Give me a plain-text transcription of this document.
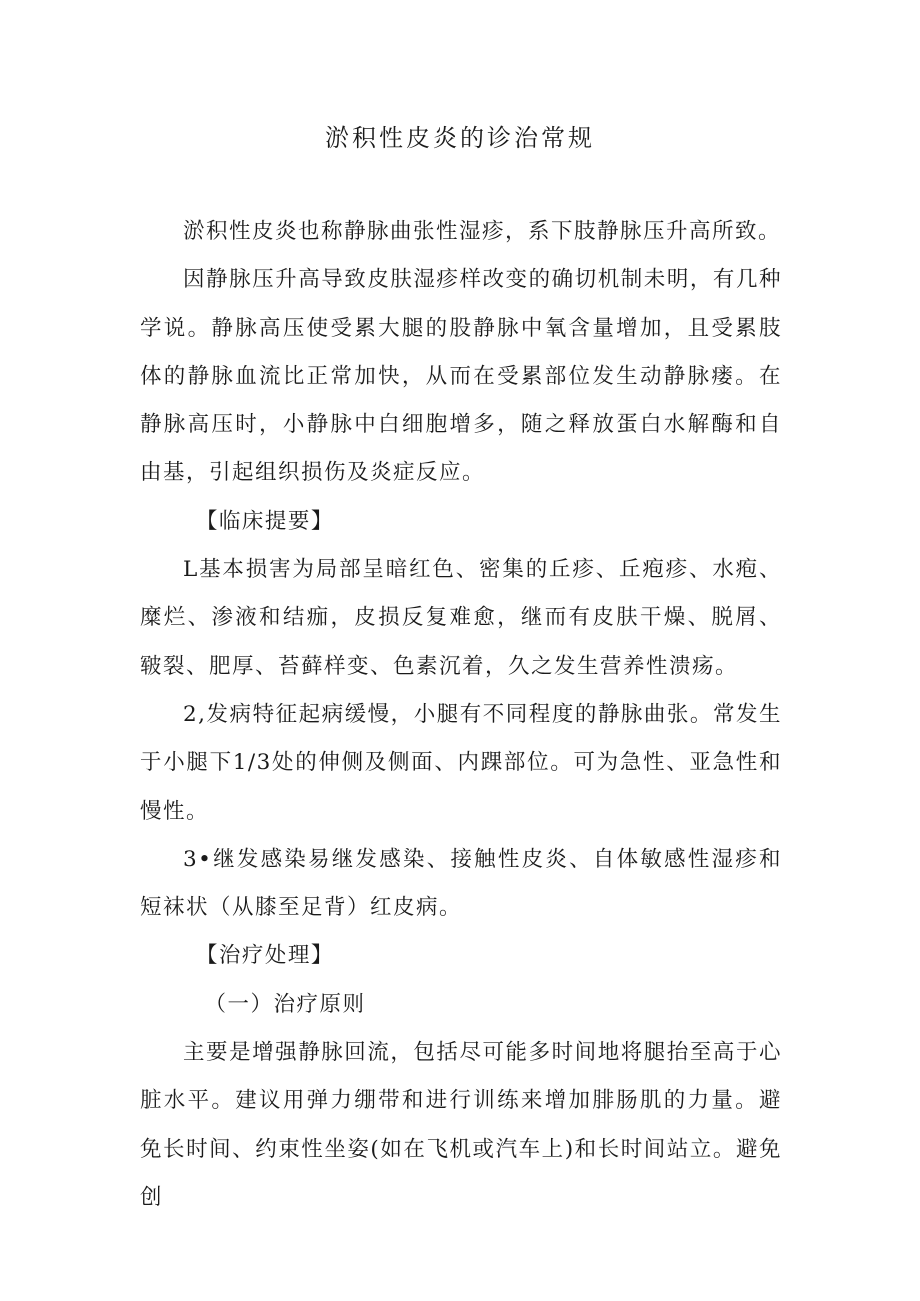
淤积性皮炎的诊治常规

淤积性皮炎也称静脉曲张性湿疹，系下肢静脉压升高所致。

因静脉压升高导致皮肤湿疹样改变的确切机制未明，有几种学说。静脉高压使受累大腿的股静脉中氧含量增加，且受累肢体的静脉血流比正常加快，从而在受累部位发生动静脉瘘。在静脉高压时，小静脉中白细胞增多，随之释放蛋白水解酶和自由基，引起组织损伤及炎症反应。

【临床提要】

L基本损害为局部呈暗红色、密集的丘疹、丘疱疹、水疱、糜烂、渗液和结痂，皮损反复难愈，继而有皮肤干燥、脱屑、皲裂、肥厚、苔藓样变、色素沉着，久之发生营养性溃疡。

2,发病特征起病缓慢，小腿有不同程度的静脉曲张。常发生于小腿下1/3处的伸侧及侧面、内踝部位。可为急性、亚急性和慢性。

3•继发感染易继发感染、接触性皮炎、自体敏感性湿疹和短袜状（从膝至足背）红皮病。

【治疗处理】

（一）治疗原则

主要是增强静脉回流，包括尽可能多时间地将腿抬至高于心脏水平。建议用弹力绷带和进行训练来增加腓肠肌的力量。避免长时间、约束性坐姿(如在飞机或汽车上)和长时间站立。避免创
